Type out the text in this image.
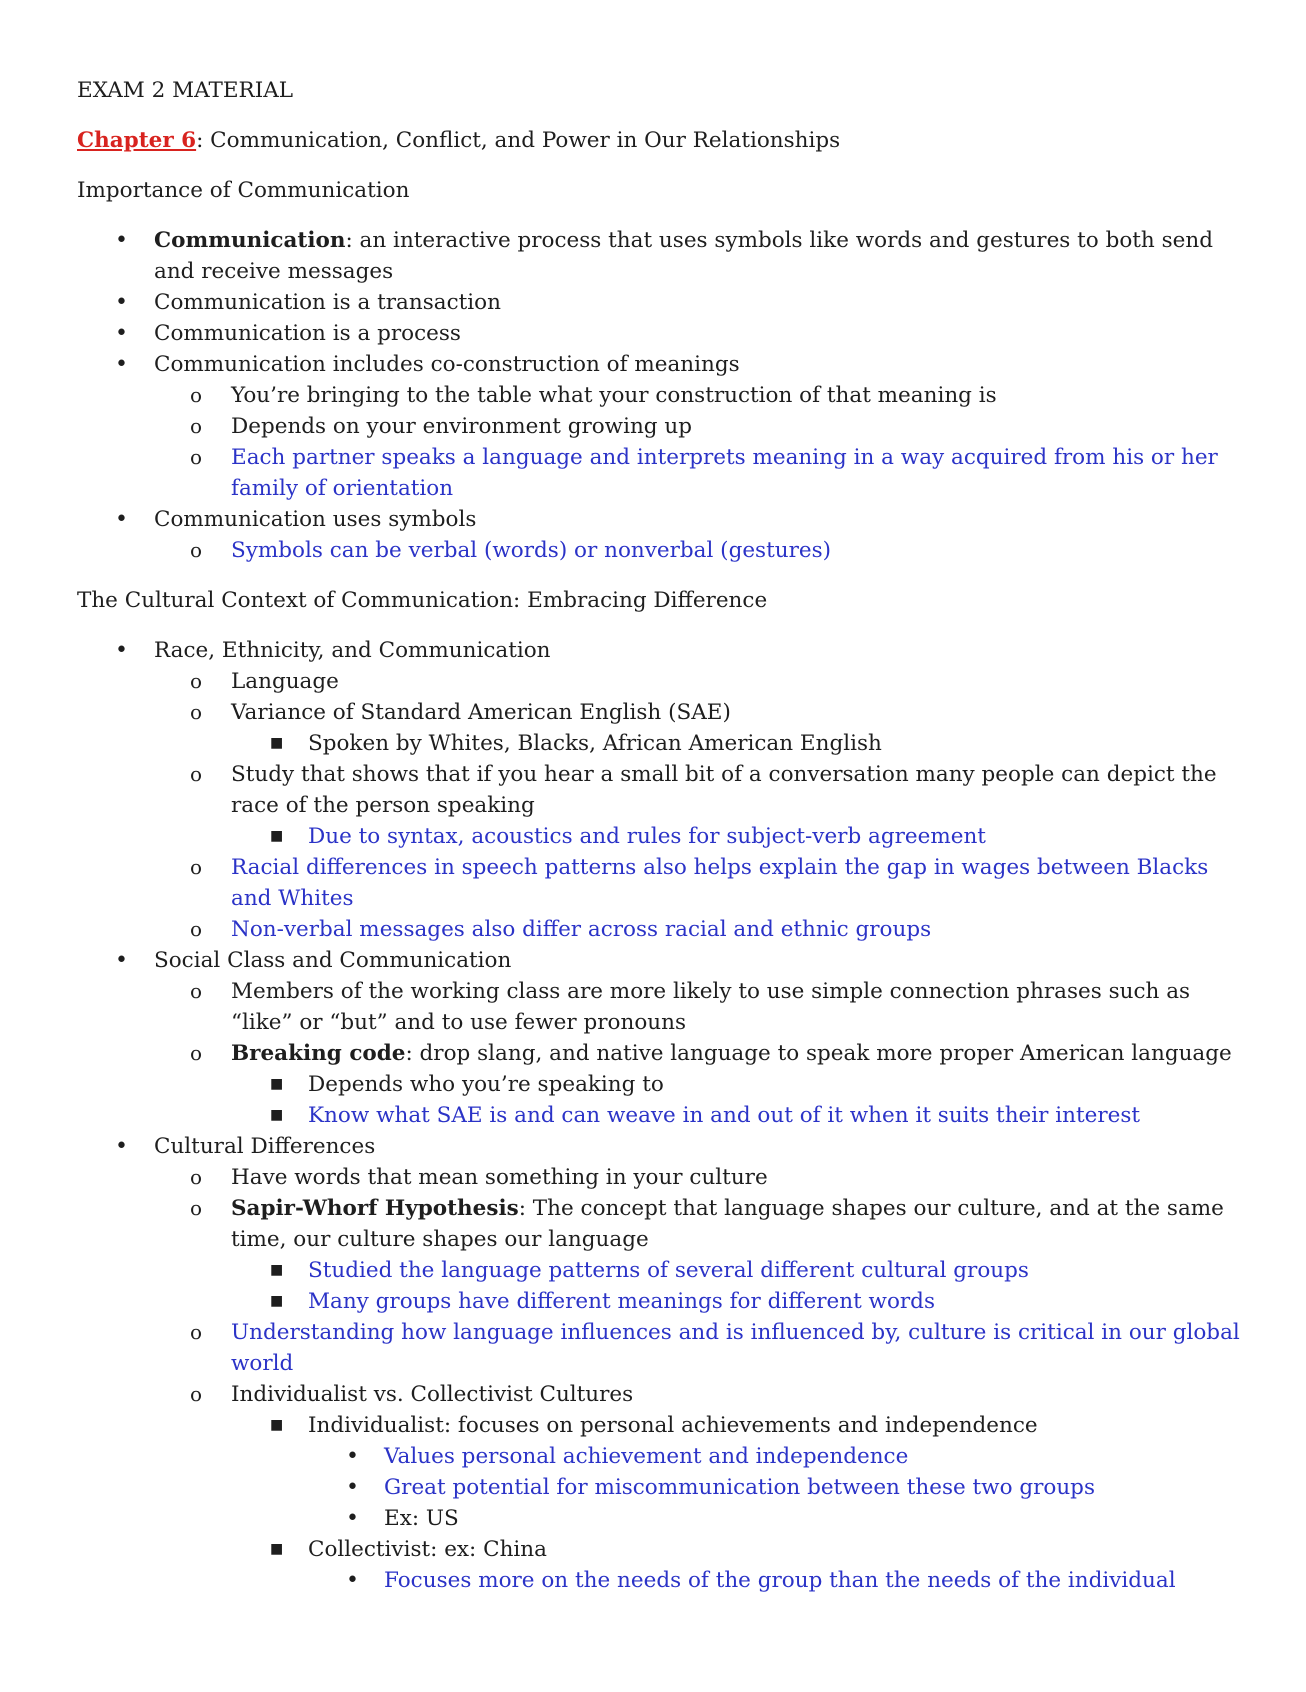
EXAM 2 MATERIAL

Chapter 6: Communication, Conflict, and Power in Our Relationships

Importance of Communication

• Communication: an interactive process that uses symbols like words and gestures to both send
and receive messages
• Communication is a transaction
• Communication is a process
• Communication includes co-construction of meanings
o You’re bringing to the table what your construction of that meaning is
o Depends on your environment growing up
o Each partner speaks a language and interprets meaning in a way acquired from his or her
family of orientation
• Communication uses symbols
o Symbols can be verbal (words) or nonverbal (gestures)

The Cultural Context of Communication: Embracing Difference

• Race, Ethnicity, and Communication
o Language
o Variance of Standard American English (SAE)
■ Spoken by Whites, Blacks, African American English
o Study that shows that if you hear a small bit of a conversation many people can depict the
race of the person speaking
■ Due to syntax, acoustics and rules for subject-verb agreement
o Racial differences in speech patterns also helps explain the gap in wages between Blacks
and Whites
o Non-verbal messages also differ across racial and ethnic groups
• Social Class and Communication
o Members of the working class are more likely to use simple connection phrases such as
“like” or “but” and to use fewer pronouns
o Breaking code: drop slang, and native language to speak more proper American language
■ Depends who you’re speaking to
■ Know what SAE is and can weave in and out of it when it suits their interest
• Cultural Differences
o Have words that mean something in your culture
o Sapir-Whorf Hypothesis: The concept that language shapes our culture, and at the same
time, our culture shapes our language
■ Studied the language patterns of several different cultural groups
■ Many groups have different meanings for different words
o Understanding how language influences and is influenced by, culture is critical in our global
world
o Individualist vs. Collectivist Cultures
■ Individualist: focuses on personal achievements and independence
• Values personal achievement and independence
• Great potential for miscommunication between these two groups
• Ex: US
■ Collectivist: ex: China
• Focuses more on the needs of the group than the needs of the individual
